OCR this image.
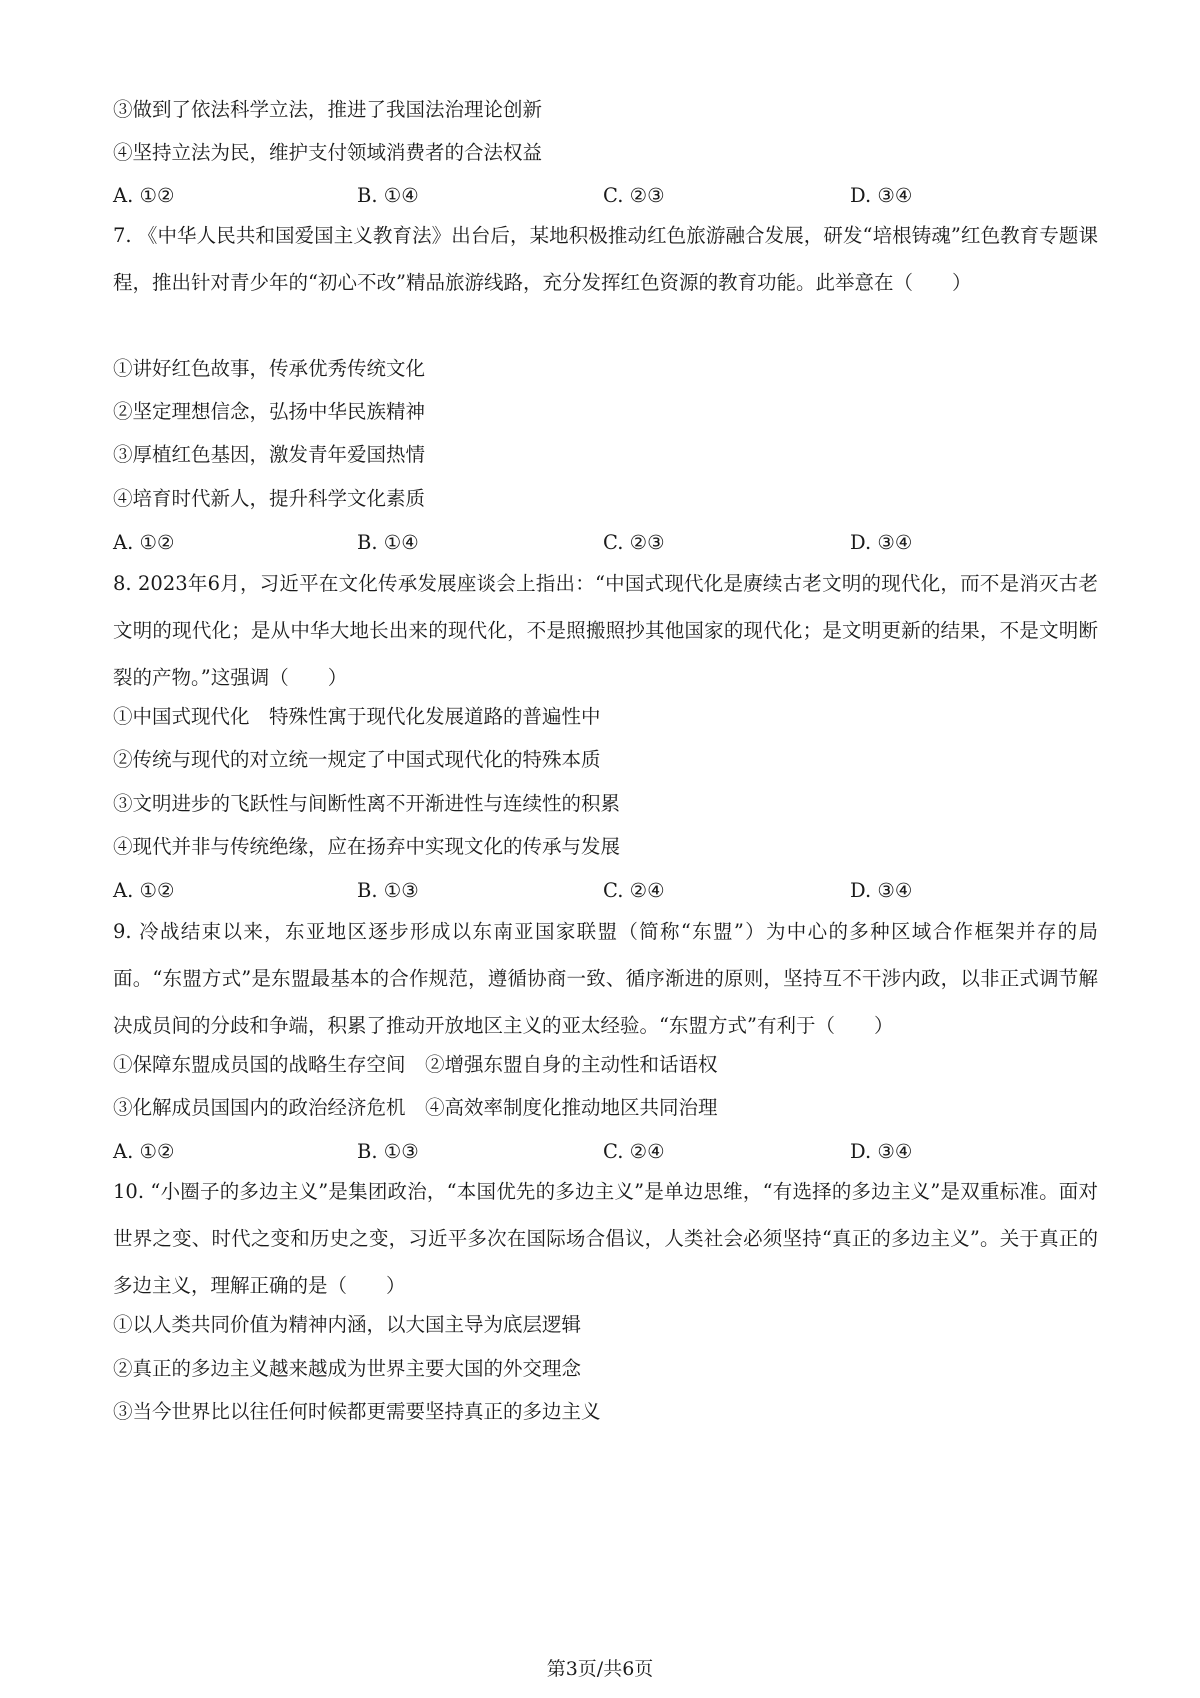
③做到了依法科学立法，推进了我国法治理论创新
④坚持立法为民，维护支付领域消费者的合法权益
A. ①②	B. ①④	C. ②③	D. ③④
7. 《中华人民共和国爱国主义教育法》出台后，某地积极推动红色旅游融合发展，研发“培根铸魂”红色教育专题课程，推出针对青少年的“初心不改”精品旅游线路，充分发挥红色资源的教育功能。此举意在（　　）
①讲好红色故事，传承优秀传统文化
②坚定理想信念，弘扬中华民族精神
③厚植红色基因，激发青年爱国热情
④培育时代新人，提升科学文化素质
A. ①②	B. ①④	C. ②③	D. ③④
8. 2023年6月，习近平在文化传承发展座谈会上指出：“中国式现代化是赓续古老文明的现代化，而不是消灭古老文明的现代化；是从中华大地长出来的现代化，不是照搬照抄其他国家的现代化；是文明更新的结果，不是文明断裂的产物。”这强调（　　）
①中国式现代化　特殊性寓于现代化发展道路的普遍性中
②传统与现代的对立统一规定了中国式现代化的特殊本质
③文明进步的飞跃性与间断性离不开渐进性与连续性的积累
④现代并非与传统绝缘，应在扬弃中实现文化的传承与发展
A. ①②	B. ①③	C. ②④	D. ③④
9. 冷战结束以来，东亚地区逐步形成以东南亚国家联盟（简称“东盟”）为中心的多种区域合作框架并存的局面。“东盟方式”是东盟最基本的合作规范，遵循协商一致、循序渐进的原则，坚持互不干涉内政，以非正式调节解决成员间的分歧和争端，积累了推动开放地区主义的亚太经验。“东盟方式”有利于（　　）
①保障东盟成员国的战略生存空间　②增强东盟自身的主动性和话语权
③化解成员国国内的政治经济危机　④高效率制度化推动地区共同治理
A. ①②	B. ①③	C. ②④	D. ③④
10. “小圈子的多边主义”是集团政治，“本国优先的多边主义”是单边思维，“有选择的多边主义”是双重标准。面对世界之变、时代之变和历史之变，习近平多次在国际场合倡议，人类社会必须坚持“真正的多边主义”。关于真正的多边主义，理解正确的是（　　）
①以人类共同价值为精神内涵，以大国主导为底层逻辑
②真正的多边主义越来越成为世界主要大国的外交理念
③当今世界比以往任何时候都更需要坚持真正的多边主义
第3页/共6页
